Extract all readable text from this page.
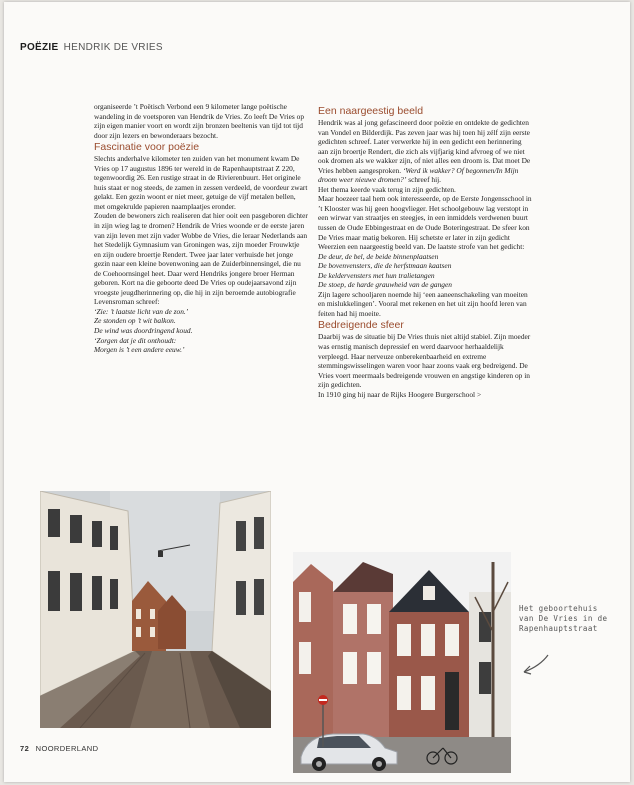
POËZIE HENDRIK DE VRIES

organiseerde ’t Poëtisch Verbond een 9 kilometer lange poëtische wandeling in de voetsporen van Hendrik de Vries. Zo leeft De Vries op zijn eigen manier voort en wordt zijn bronzen beeltenis van tijd tot tijd door zijn lezers en bewonderaars bezocht.

Fascinatie voor poëzie

Slechts anderhalve kilometer ten zuiden van het monument kwam De Vries op 17 augustus 1896 ter wereld in de Rapenhauptstraat Z 220, tegenwoordig 26. Een rustige straat in de Rivierenbuurt. Het originele huis staat er nog steeds, de zamen in zessen verdeeld, de voordeur zwart gelakt. Een gezin woont er niet meer, getuige de vijf metalen bellen, met omgekrulde papieren naamplaatjes eronder.

Zouden de bewoners zich realiseren dat hier ooit een pasgeboren dichter in zijn wieg lag te dromen? Hendrik de Vries woonde er de eerste jaren van zijn leven met zijn vader Wobbe de Vries, die leraar Nederlands aan het Stedelijk Gymnasium van Groningen was, zijn moeder Frouwktje en zijn oudere broertje Rendert. Twee jaar later verhuisde het jonge gezin naar een kleine bovenwoning aan de Zuiderbinnensingel, die nu de Coehoornsingel heet. Daar werd Hendriks jongere broer Herman geboren. Kort na die geboorte deed De Vries op oudejaarsavond zijn vroegste jeugdherinnering op, die hij in zijn beroemde autobiografie Levensroman schreef:

‘Zie: ’t laatste licht van de zon.’

Ze stonden op ’t wit balkon.

De wind was doordringend koud.

‘Zorgen dat je dit onthoudt:

Morgen is ’t een andere eeuw.’

Een naargeestig beeld

Hendrik was al jong gefascineerd door poëzie en ontdekte de gedichten van Vondel en Bilderdijk. Pas zeven jaar was hij toen hij zélf zijn eerste gedichten schreef. Later verwerkte hij in een gedicht een herinnering aan zijn broertje Rendert, die zich als vijfjarig kind afvroeg of we niet ook dromen als we wakker zijn, of niet alles een droom is. Dat moet De Vries hebben aangesproken. ‘Werd ik wakker? Of begonnen/In Mijn droom weer nieuwe dromen?’ schreef hij.

Het thema keerde vaak terug in zijn gedichten.

Maar hoezeer taal hem ook interesseerde, op de Eerste Jongensschool in ’t Klooster was hij geen hoogvlieger. Het schoolgebouw lag verstopt in een wirwar van straatjes en steegjes, in een inmiddels verdwenen buurt tussen de Oude Ebbingestraat en de Oude Boteringestraat. De sfeer kon De Vries maar matig bekoren. Hij schetste er later in zijn gedicht Weerzien een naargeestig beeld van. De laatste strofe van het gedicht:

De deur, de bel, de beide binnenplaatsen

De bovenvensters, die de herfstmaan kaatsen

De keldervensters met hun tralietangen

De stoep, de harde grauwheid van de gangen

Zijn lagere schooljaren noemde hij ‘een aaneenschakeling van moeiten en mislukkelingen’. Vooral met rekenen en het uit zijn hoofd leren van feiten had hij moeite.

Bedreigende sfeer

Daarbij was de situatie bij De Vries thuis niet altijd stabiel. Zijn moeder was ernstig manisch depressief en werd daarvoor herhaaldelijk verpleegd. Haar nerveuze onberekenbaarheid en extreme stemmingswisselingen waren voor haar zoons vaak erg bedreigend. De Vries voert meermaals bedreigende vrouwen en angstige kinderen op in zijn gedichten.

In 1910 ging hij naar de Rijks Hoogere Burgerschool >

Het geboortehuis
van De Vries in de
Rapenhauptstraat
72 NOORDERLAND
